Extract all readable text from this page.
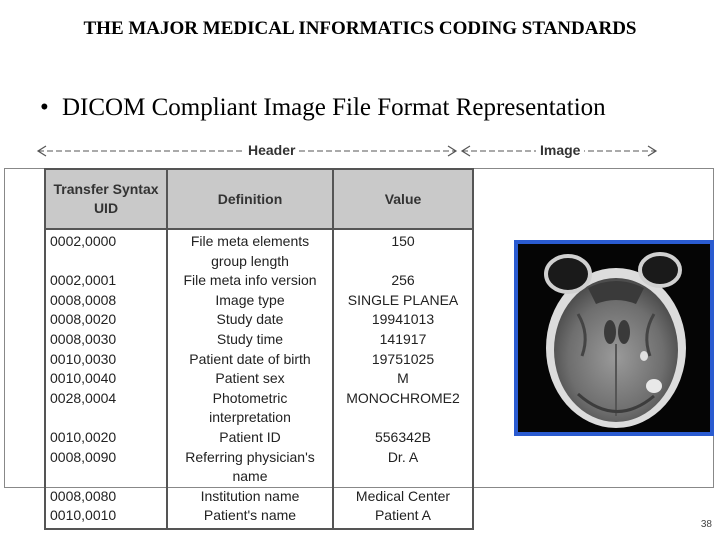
THE MAJOR MEDICAL INFORMATICS CODING STANDARDS
• DICOM Compliant Image File Format Representation
Header	Image
Transfer Syntax UID	Definition	Value
0002,0000	File meta elements group length	150
0002,0001	File meta info version	256
0008,0008	Image type	SINGLE PLANEA
0008,0020	Study date	19941013
0008,0030	Study time	141917
0010,0030	Patient date of birth	19751025
0010,0040	Patient sex	M
0028,0004	Photometric interpretation	MONOCHROME2
0010,0020	Patient ID	556342B
0008,0090	Referring physician's name	Dr. A
0008,0080	Institution name	Medical Center
0010,0010	Patient's name	Patient A
38
